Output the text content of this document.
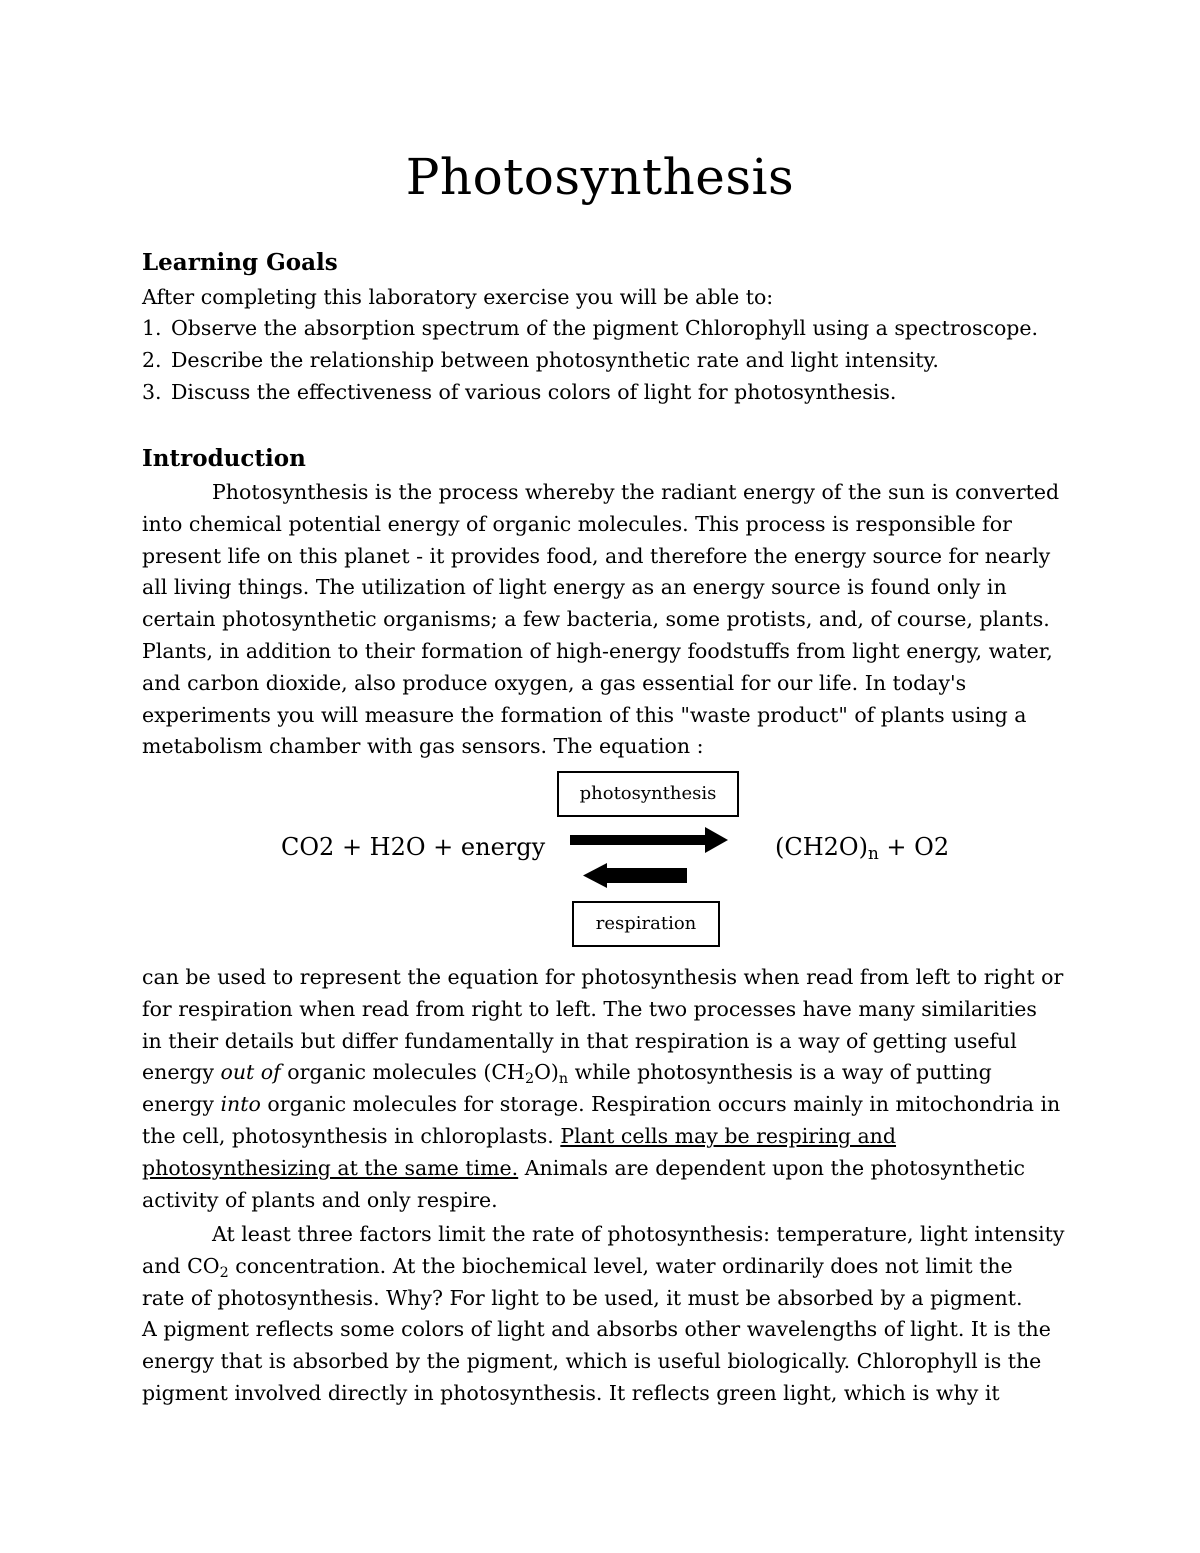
Photosynthesis
Learning Goals
After completing this laboratory exercise you will be able to:
1. Observe the absorption spectrum of the pigment Chlorophyll using a spectroscope.
2. Describe the relationship between photosynthetic rate and light intensity.
3. Discuss the effectiveness of various colors of light for photosynthesis.
Introduction
Photosynthesis is the process whereby the radiant energy of the sun is converted
into chemical potential energy of organic molecules. This process is responsible for
present life on this planet - it provides food, and therefore the energy source for nearly
all living things. The utilization of light energy as an energy source is found only in
certain photosynthetic organisms; a few bacteria, some protists, and, of course, plants.
Plants, in addition to their formation of high-energy foodstuffs from light energy, water,
and carbon dioxide, also produce oxygen, a gas essential for our life. In today's
experiments you will measure the formation of this "waste product" of plants using a
metabolism chamber with gas sensors. The equation :
photosynthesis
CO2 + H2O + energy	$(CH2O)_n + O2$
respiration
can be used to represent the equation for photosynthesis when read from left to right or
for respiration when read from right to left. The two processes have many similarities
in their details but differ fundamentally in that respiration is a way of getting useful
energy out of organic molecules $(CH_2O)_n$ while photosynthesis is a way of putting
energy into organic molecules for storage. Respiration occurs mainly in mitochondria in
the cell, photosynthesis in chloroplasts. Plant cells may be respiring and
photosynthesizing at the same time. Animals are dependent upon the photosynthetic
activity of plants and only respire.
At least three factors limit the rate of photosynthesis: temperature, light intensity
and $CO_2$ concentration. At the biochemical level, water ordinarily does not limit the
rate of photosynthesis. Why? For light to be used, it must be absorbed by a pigment.
A pigment reflects some colors of light and absorbs other wavelengths of light. It is the
energy that is absorbed by the pigment, which is useful biologically. Chlorophyll is the
pigment involved directly in photosynthesis. It reflects green light, which is why it
